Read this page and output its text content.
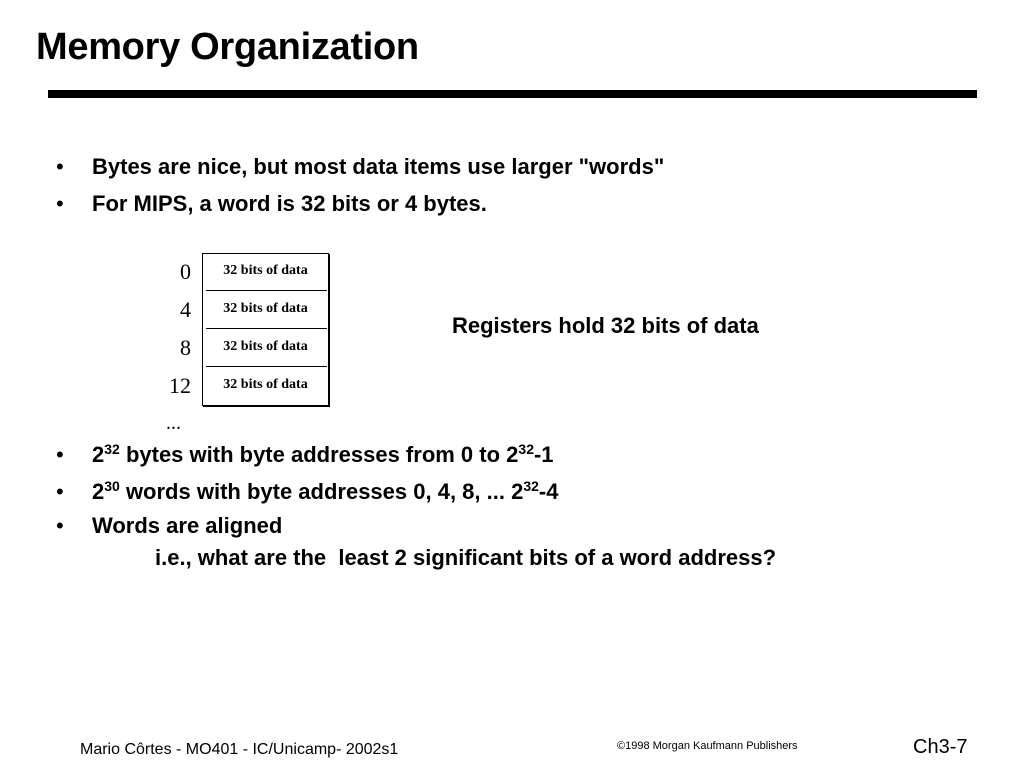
Memory Organization
• Bytes are nice, but most data items use larger "words"
• For MIPS, a word is 32 bits or 4 bytes.
0
4
8
12
32 bits of data
32 bits of data
32 bits of data
32 bits of data
...
Registers hold 32 bits of data
• $2^{32}$ bytes with byte addresses from 0 to $2^{32}-1$
• $2^{30}$ words with byte addresses 0, 4, 8, ... $2^{32}-4$
• Words are aligned
i.e., what are the  least 2 significant bits of a word address?
Mario Côrtes - MO401 - IC/Unicamp- 2002s1	©1998 Morgan Kaufmann Publishers	Ch3-7
